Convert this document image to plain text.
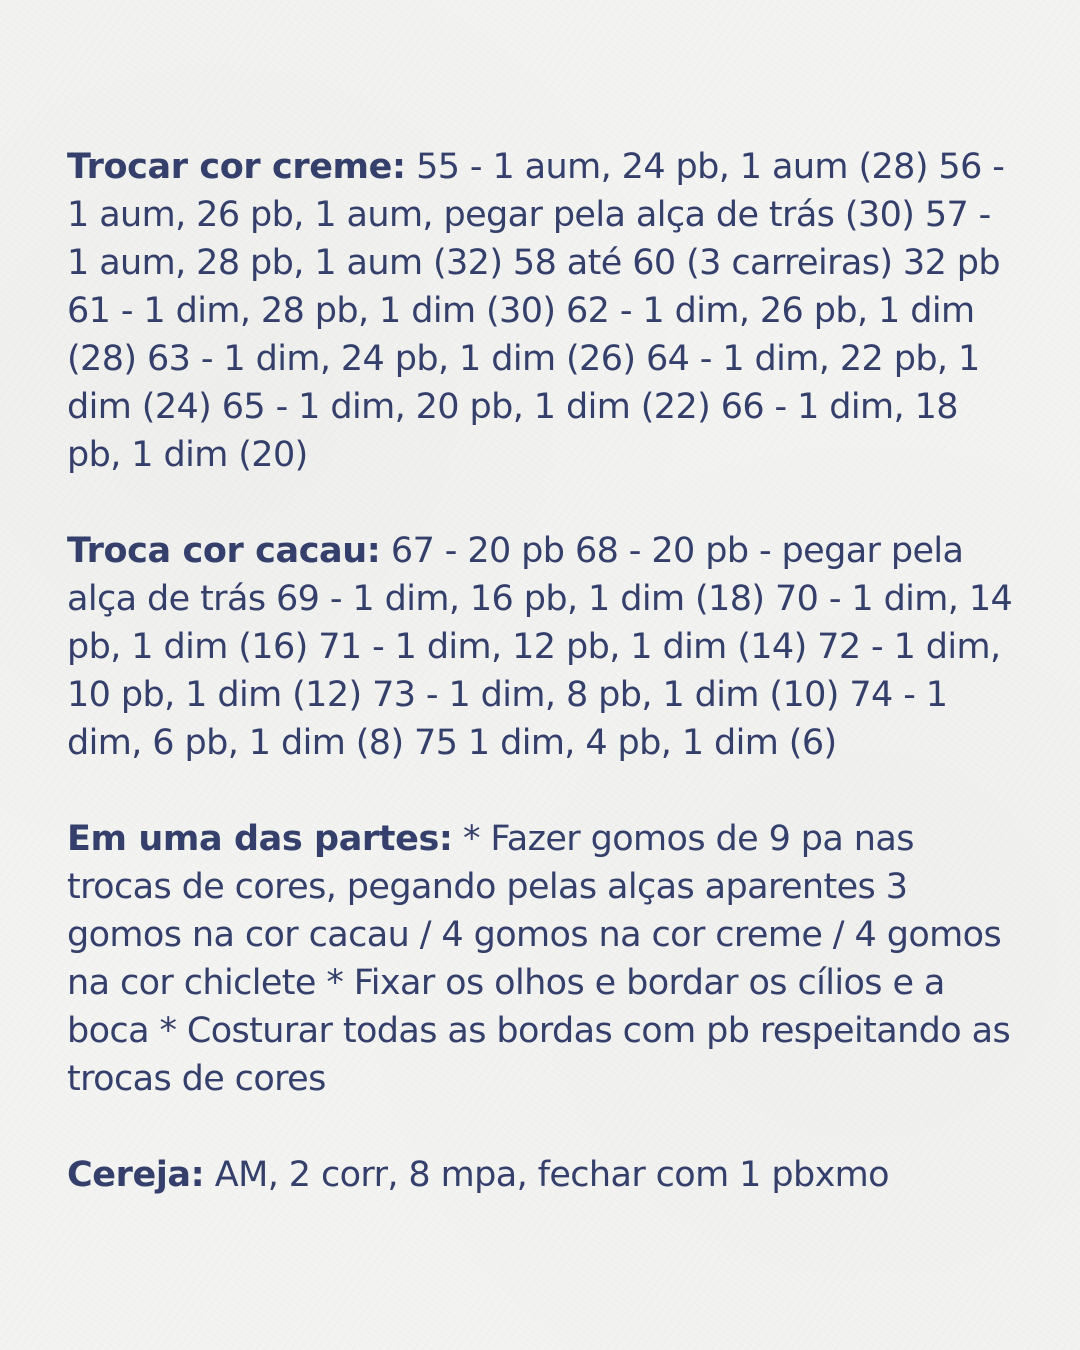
Trocar cor creme: 55 - 1 aum, 24 pb, 1 aum (28) 56 - 1 aum, 26 pb, 1 aum, pegar pela alça de trás (30) 57 - 1 aum, 28 pb, 1 aum (32) 58 até 60 (3 carreiras) 32 pb 61 - 1 dim, 28 pb, 1 dim (30) 62 - 1 dim, 26 pb, 1 dim (28) 63 - 1 dim, 24 pb, 1 dim (26) 64 - 1 dim, 22 pb, 1 dim (24) 65 - 1 dim, 20 pb, 1 dim (22) 66 - 1 dim, 18 pb, 1 dim (20)

Troca cor cacau: 67 - 20 pb 68 - 20 pb - pegar pela alça de trás 69 - 1 dim, 16 pb, 1 dim (18) 70 - 1 dim, 14 pb, 1 dim (16) 71 - 1 dim, 12 pb, 1 dim (14) 72 - 1 dim, 10 pb, 1 dim (12) 73 - 1 dim, 8 pb, 1 dim (10) 74 - 1 dim, 6 pb, 1 dim (8) 75 1 dim, 4 pb, 1 dim (6)

Em uma das partes: * Fazer gomos de 9 pa nas trocas de cores, pegando pelas alças aparentes 3 gomos na cor cacau / 4 gomos na cor creme / 4 gomos na cor chiclete * Fixar os olhos e bordar os cílios e a boca * Costurar todas as bordas com pb respeitando as trocas de cores

Cereja: AM, 2 corr, 8 mpa, fechar com 1 pbxmo
